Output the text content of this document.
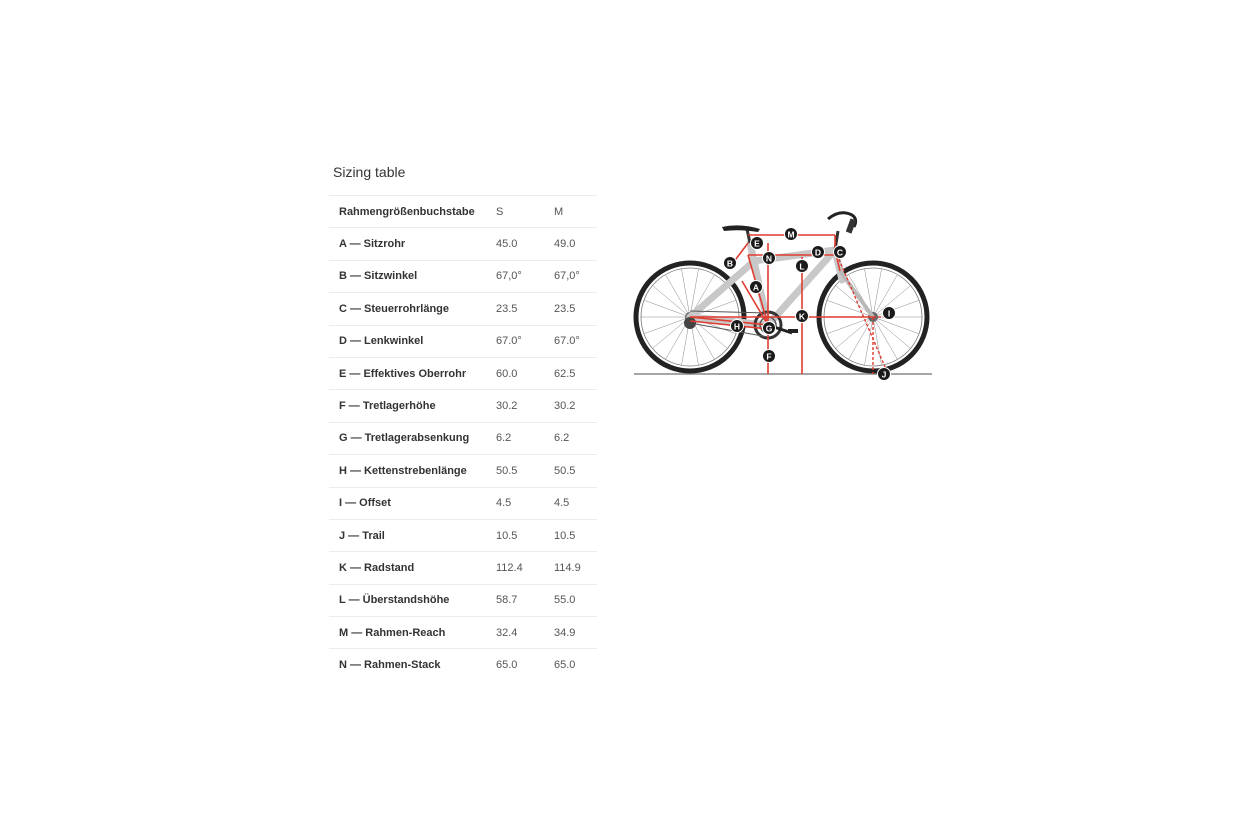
Sizing table
Rahmengrößenbuchstabe	S	M
A — Sitzrohr	45.0	49.0
B — Sitzwinkel	67,0°	67,0°
C — Steuerrohrlänge	23.5	23.5
D — Lenkwinkel	67.0°	67.0°
E — Effektives Oberrohr	60.0	62.5
F — Tretlagerhöhe	30.2	30.2
G — Tretlagerabsenkung	6.2	6.2
H — Kettenstrebenlänge	50.5	50.5
I — Offset	4.5	4.5
J — Trail	10.5	10.5
K — Radstand	112.4	114.9
L — Überstandshöhe	58.7	55.0
M — Rahmen-Reach	32.4	34.9
N — Rahmen-Stack	65.0	65.0
A
B
C
D
E
F
G
H
I
J
K
L
M
N
